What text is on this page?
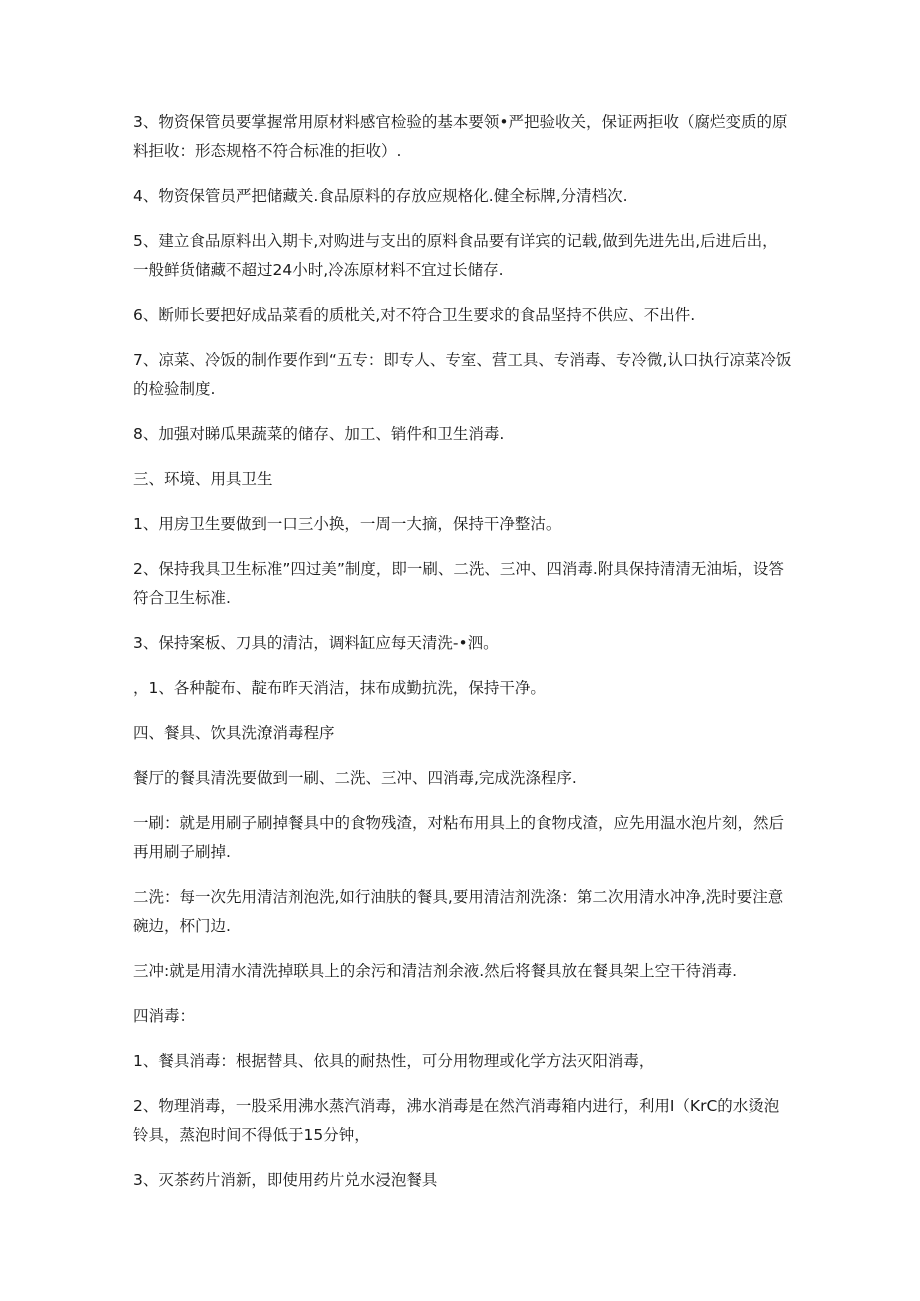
3、物资保管员要掌握常用原材料感官检验的基本要领•严把验收关，保证两拒收（腐烂变质的原料拒收：形态规格不符合标准的拒收）.

4、物资保管员严把储藏关.食品原料的存放应规格化.健全标牌,分清档次.

5、建立食品原料出入期卡,对购进与支出的原料食品要有详宾的记载,做到先进先出,后进后出，一般鲜货储藏不超过24小时,冷冻原材料不宜过长储存.

6、断师长要把好成品菜看的质枇关,对不符合卫生要求的食品坚持不供应、不出件.

7、凉菜、冷饭的制作要作到“五专：即专人、专室、营工具、专消毒、专冷微,认口执行凉菜冷饭的检验制度.

8、加强对睇瓜果蔬菜的储存、加工、销件和卫生消毒.

三、环境、用具卫生

1、用房卫生要做到一口三小换，一周一大摘，保持干净整沽。

2、保持我具卫生标准”四过美”制度，即一刷、二洗、三冲、四消毒.附具保持清清无油垢，设答符合卫生标准.

3、保持案板、刀具的清沽，调料缸应每天清洗-•泗。

，1、各种靛布、靛布昨天消洁，抹布成勤抗洗，保持干净。

四、餐具、饮具洗潦消毒程序

餐厅的餐具清洗要做到一刷、二洗、三冲、四消毒,完成洗涤程序.

一刷：就是用刷子刷掉餐具中的食物残渣，对粘布用具上的食物戌渣，应先用温水泡片刻，然后再用刷子刷掉.

二洗：每一次先用清洁剂泡洗,如行油肤的餐具,要用清洁剂洗涤：第二次用清水冲净,洗时要注意碗边，杯门边.

三冲:就是用清水清洗掉联具上的余污和清洁剂余液.然后将餐具放在餐具架上空干待消毒.

四消毒：

1、餐具消毒：根据替具、依具的耐热性，可分用物理或化学方法灭阳消毒，

2、物理消毒，一股采用沸水蒸汽消毒，沸水消毒是在然汽消毒箱内进行，利用I（KrC的水烫泡铃具，蒸泡时间不得低于15分钟，

3、灭茶药片消新，即使用药片兑水浸泡餐具
